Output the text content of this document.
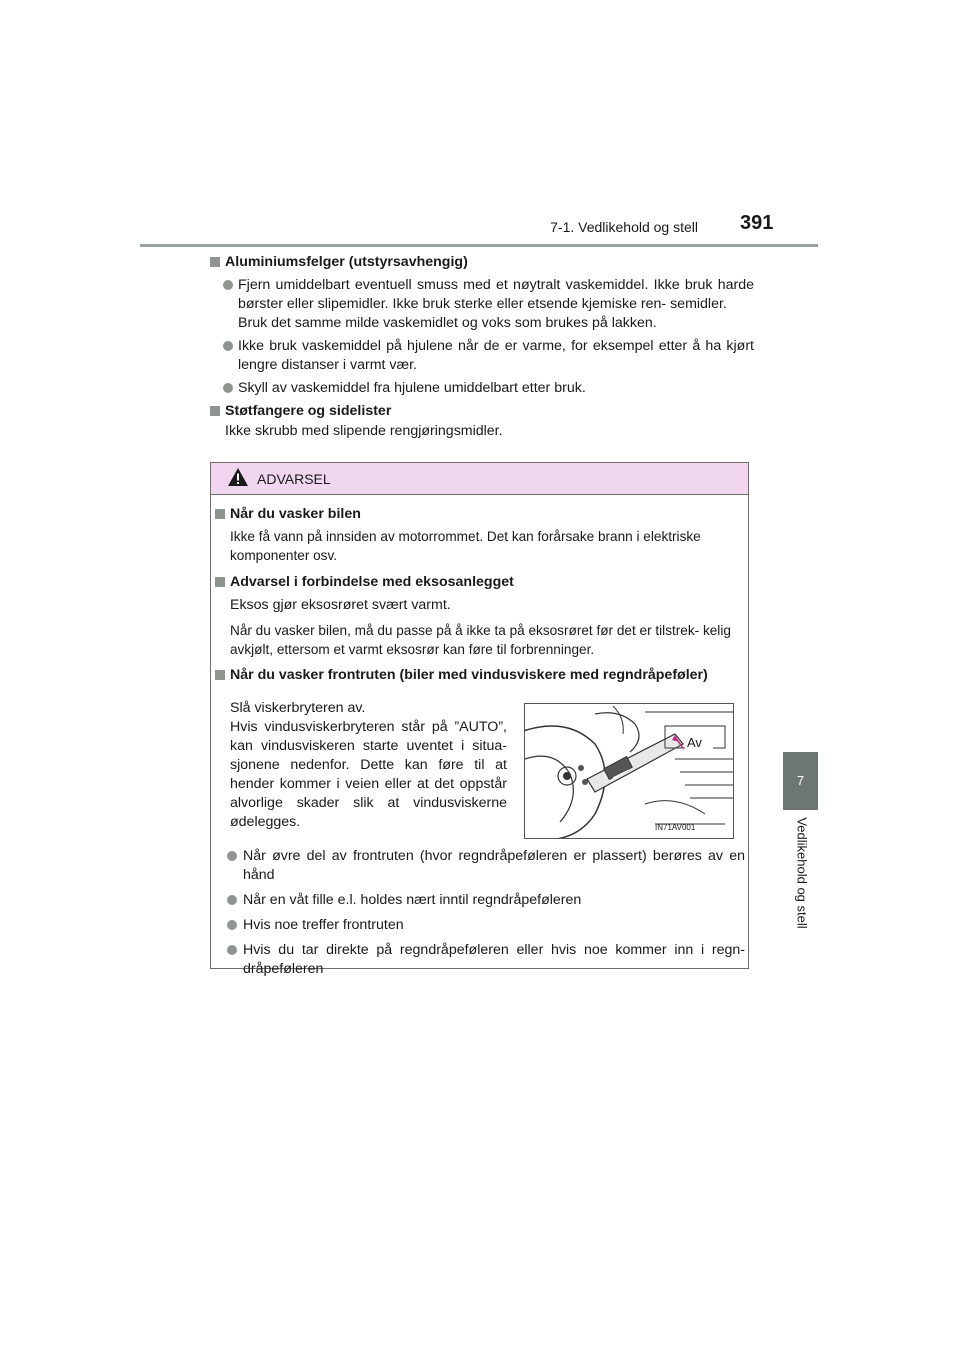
7-1. Vedlikehold og stell 391
7
Vedlikehold og stell
Aluminiumsfelger (utstyrsavhengig)

Fjern umiddelbart eventuell smuss med et nøytralt vaskemiddel. Ikke bruk harde børster eller slipemidler. Ikke bruk sterke eller etsende kjemiske ren- semidler.

Bruk det samme milde vaskemidlet og voks som brukes på lakken.

Ikke bruk vaskemiddel på hjulene når de er varme, for eksempel etter å ha kjørt lengre distanser i varmt vær.

Skyll av vaskemiddel fra hjulene umiddelbart etter bruk.

Støtfangere og sidelister

Ikke skrubb med slipende rengjøringsmidler.

ADVARSEL
Når du vasker bilen

Ikke få vann på innsiden av motorrommet. Det kan forårsake brann i elektriske komponenter osv.

Advarsel i forbindelse med eksosanlegget

Eksos gjør eksosrøret svært varmt.

Når du vasker bilen, må du passe på å ikke ta på eksosrøret før det er tilstrek- kelig avkjølt, ettersom et varmt eksosrør kan føre til forbrenninger.

Når du vasker frontruten (biler med vindusviskere med regndråpeføler)

Slå viskerbryteren av.

Hvis vindusviskerbryteren står på ”AUTO”, kan vindusviskeren starte uventet i situa- sjonene nedenfor. Dette kan føre til at hender kommer i veien eller at det oppstår alvorlige skader slik at vindusviskerne ødelegges.

Av
IN71AV001

Når øvre del av frontruten (hvor regndråpeføleren er plassert) berøres av en hånd

Når en våt fille e.l. holdes nært inntil regndråpeføleren

Hvis noe treffer frontruten

Hvis du tar direkte på regndråpeføleren eller hvis noe kommer inn i regn- dråpeføleren
